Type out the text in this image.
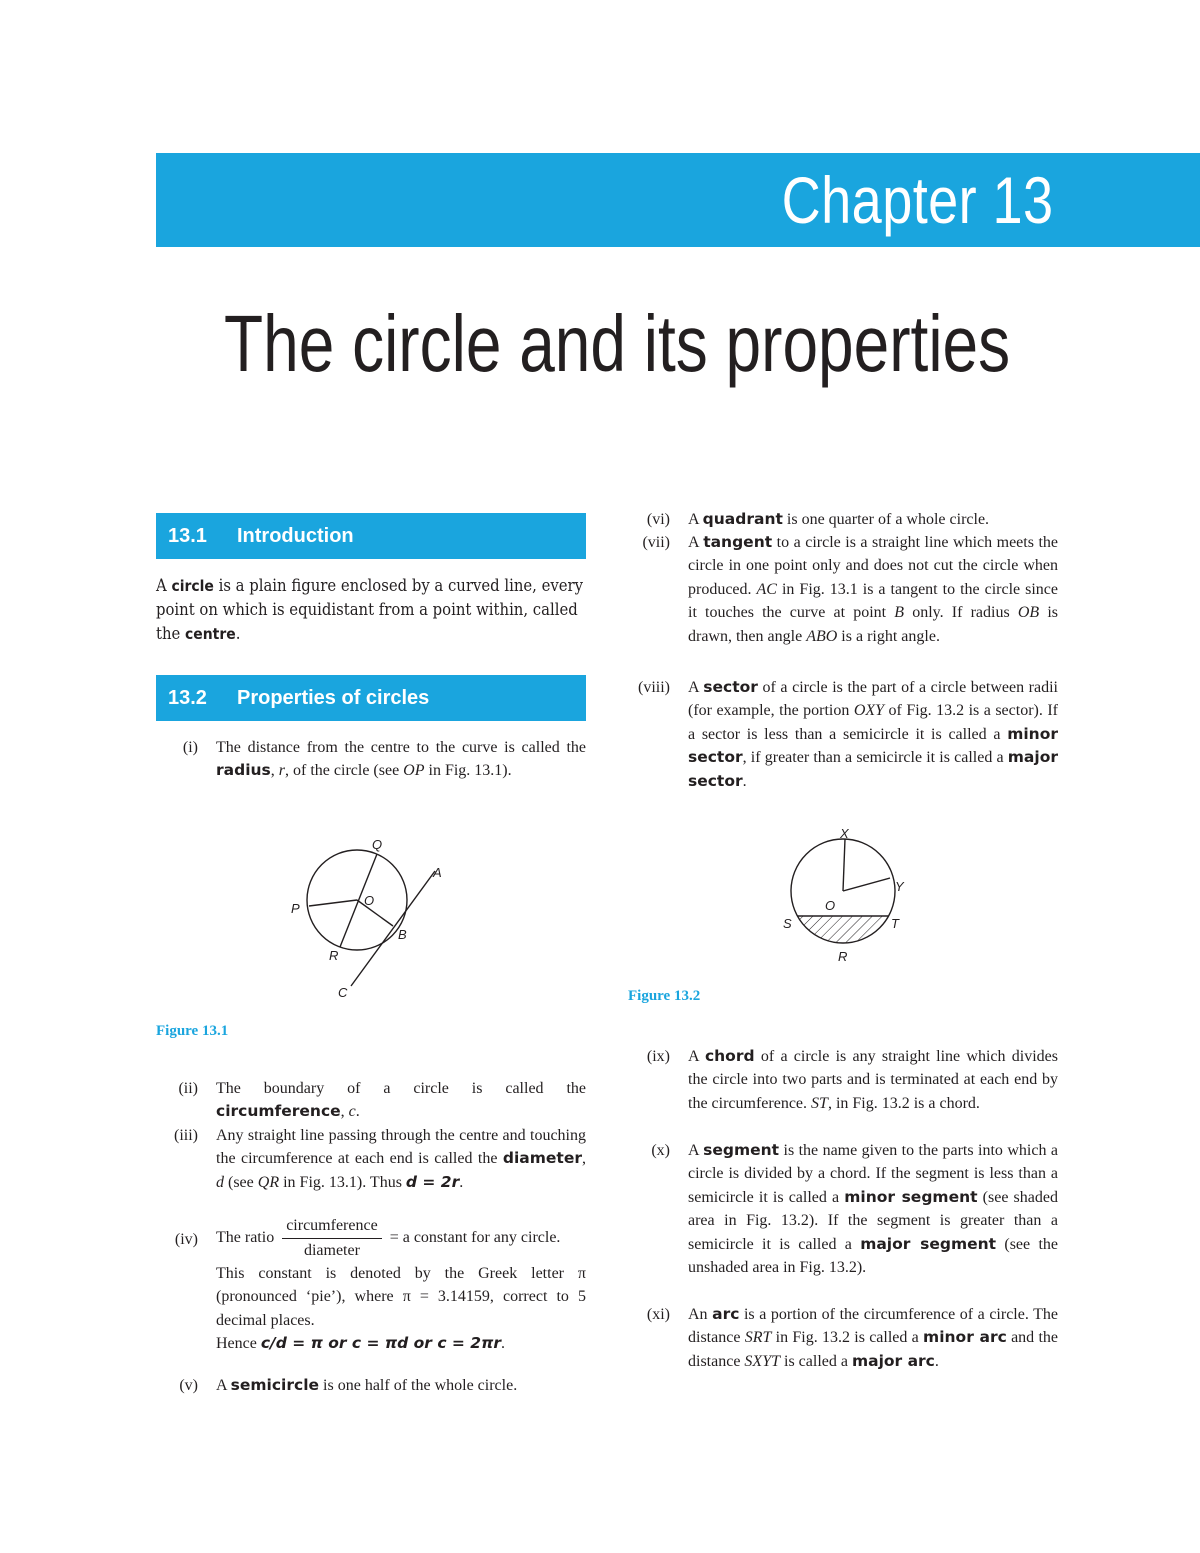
Chapter 13
The circle and its properties
13.1 Introduction
A circle is a plain figure enclosed by a curved line, every point on which is equidistant from a point within, called the centre.
13.2 Properties of circles
(i) The distance from the centre to the curve is called the radius, r, of the circle (see OP in Fig. 13.1).
Q
A
P
O
B
R
C
Figure 13.1
(ii) The boundary of a circle is called the circumference, c.
(iii) Any straight line passing through the centre and touching the circumference at each end is called the diameter, d (see QR in Fig. 13.1). Thus d = 2r.
(iv) The ratio $\frac{\text{circumference}}{\text{diameter}} = a$ constant for any circle.

This constant is denoted by the Greek letter π (pronounced ‘pie’), where π = 3.14159, correct to 5 decimal places.

Hence c/d = π or c = πd or c = 2πr.

(v) A semicircle is one half of the whole circle.
(vi) A quadrant is one quarter of a whole circle.
(vii) A tangent to a circle is a straight line which meets the circle in one point only and does not cut the circle when produced. AC in Fig. 13.1 is a tangent to the circle since it touches the curve at point B only. If radius OB is drawn, then angle ABO is a right angle.
(viii) A sector of a circle is the part of a circle between radii (for example, the portion OXY of Fig. 13.2 is a sector). If a sector is less than a semicircle it is called a minor sector, if greater than a semicircle it is called a major sector.
X
Y
O
S	T
R
Figure 13.2
(ix) A chord of a circle is any straight line which divides the circle into two parts and is terminated at each end by the circumference. ST, in Fig. 13.2 is a chord.
(x) A segment is the name given to the parts into which a circle is divided by a chord. If the segment is less than a semicircle it is called a minor segment (see shaded area in Fig. 13.2). If the segment is greater than a semicircle it is called a major segment (see the unshaded area in Fig. 13.2).
(xi) An arc is a portion of the circumference of a circle. The distance SRT in Fig. 13.2 is called a minor arc and the distance SXYT is called a major arc.
